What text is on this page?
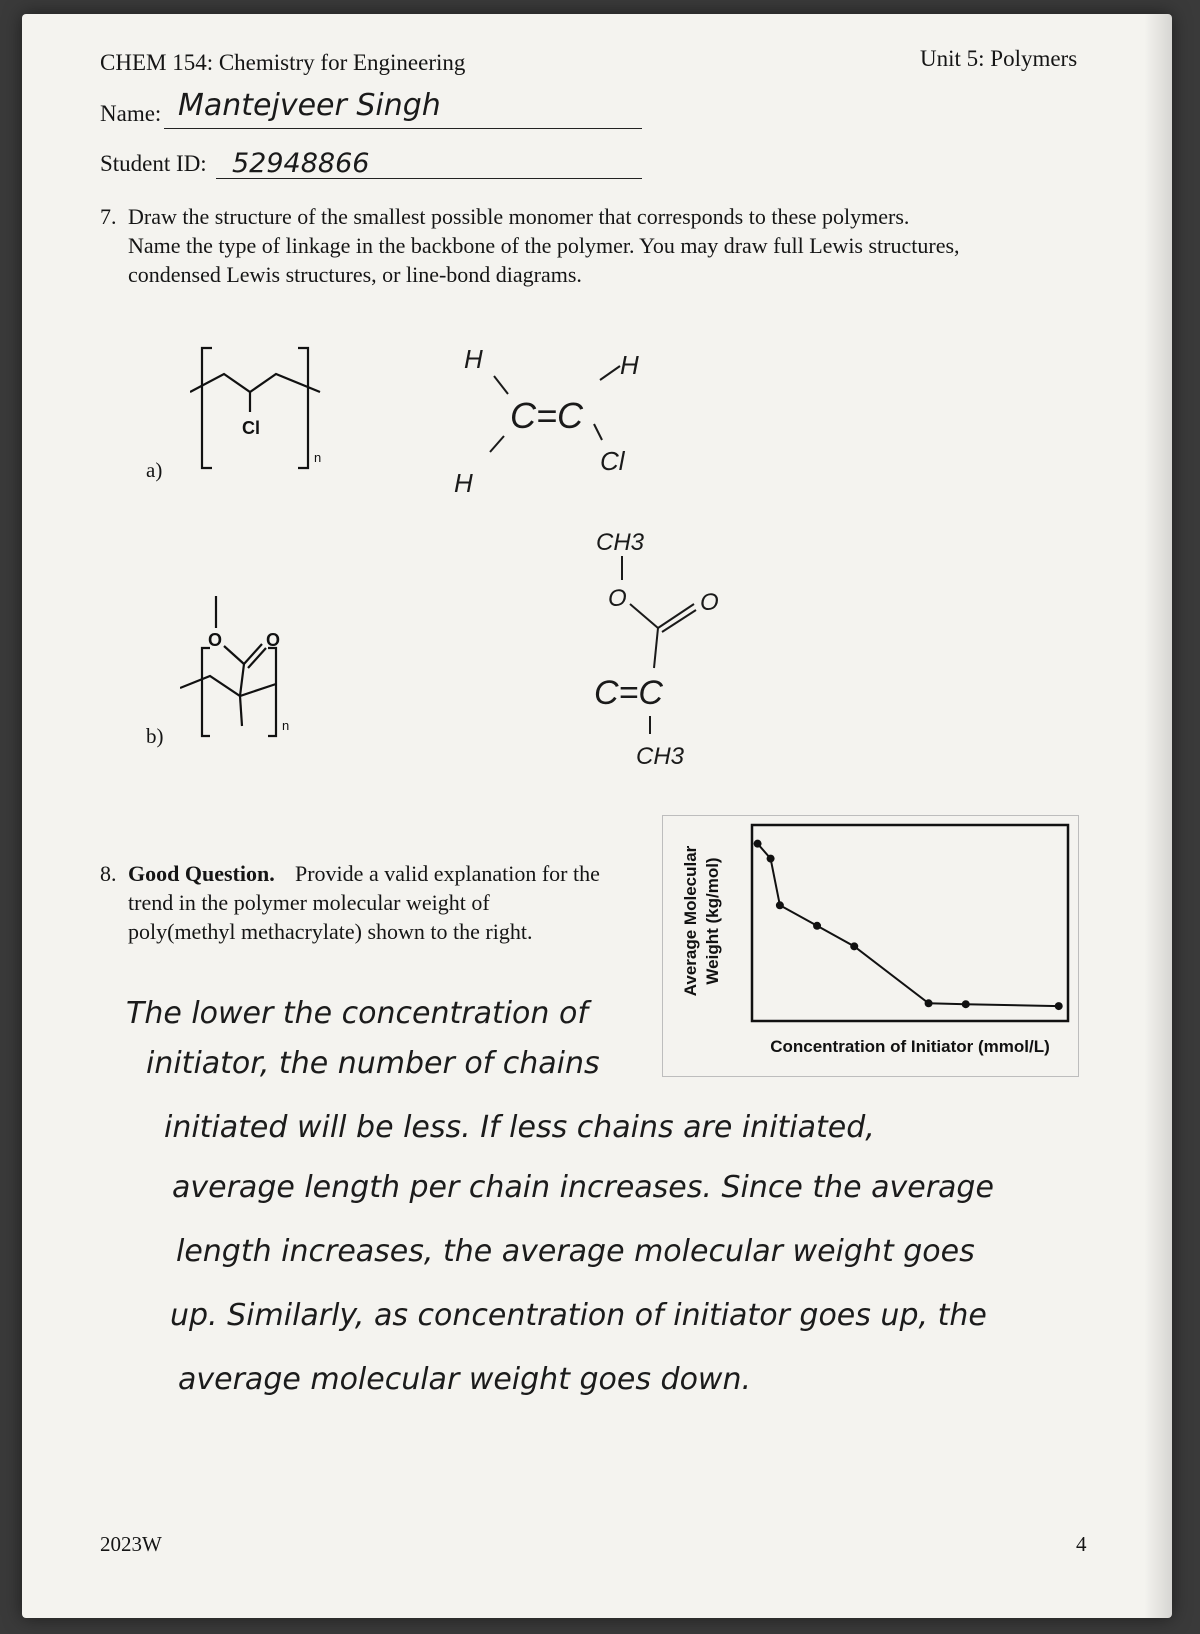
CHEM 154: Chemistry for Engineering	Unit 5: Polymers
Name: Mantejveer Singh
Student ID: 52948866
7. Draw the structure of the smallest possible monomer that corresponds to these polymers.
Name the type of linkage in the backbone of the polymer. You may draw full Lewis structures,
condensed Lewis structures, or line-bond diagrams.
a)
Cl
n
H
H
H
Cl
C=C
b)
O O
n
CH3
O	O
C=C
CH3
8. Good Question. Provide a valid explanation for the
trend in the polymer molecular weight of
poly(methyl methacrylate) shown to the right.
Concentration of Initiator (mmol/L)
Average Molecular Weight (kg/mol)
The lower the concentration of
initiator, the number of chains
initiated will be less. If less chains are initiated,
average length per chain increases. Since the average
length increases, the average molecular weight goes
up. Similarly, as concentration of initiator goes up, the
average molecular weight goes down.
2023W	4
